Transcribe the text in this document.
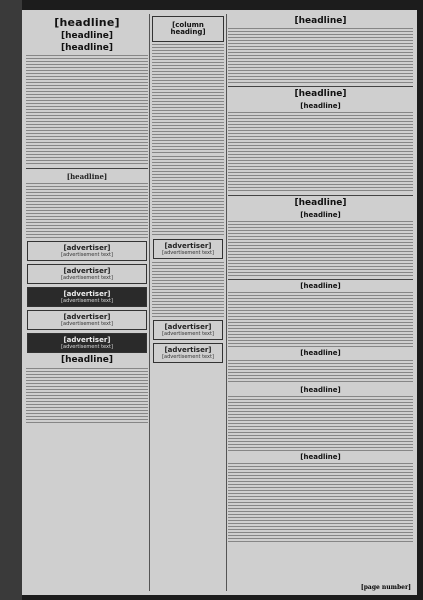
[headline]
[headline]
[headline]
[headline]
[advertiser]
[advertisement text]
[advertiser]
[advertisement text]
[advertiser]
[advertisement text]
[advertiser]
[advertisement text]
[advertiser]
[advertisement text]
[headline]
[column heading]
[advertiser]
[advertisement text]
[advertiser]
[advertisement text]
[advertiser]
[advertisement text]
[headline]
[headline]
[headline]
[headline]
[headline]
[headline]
[headline]
[headline]
[headline]
[page number]
